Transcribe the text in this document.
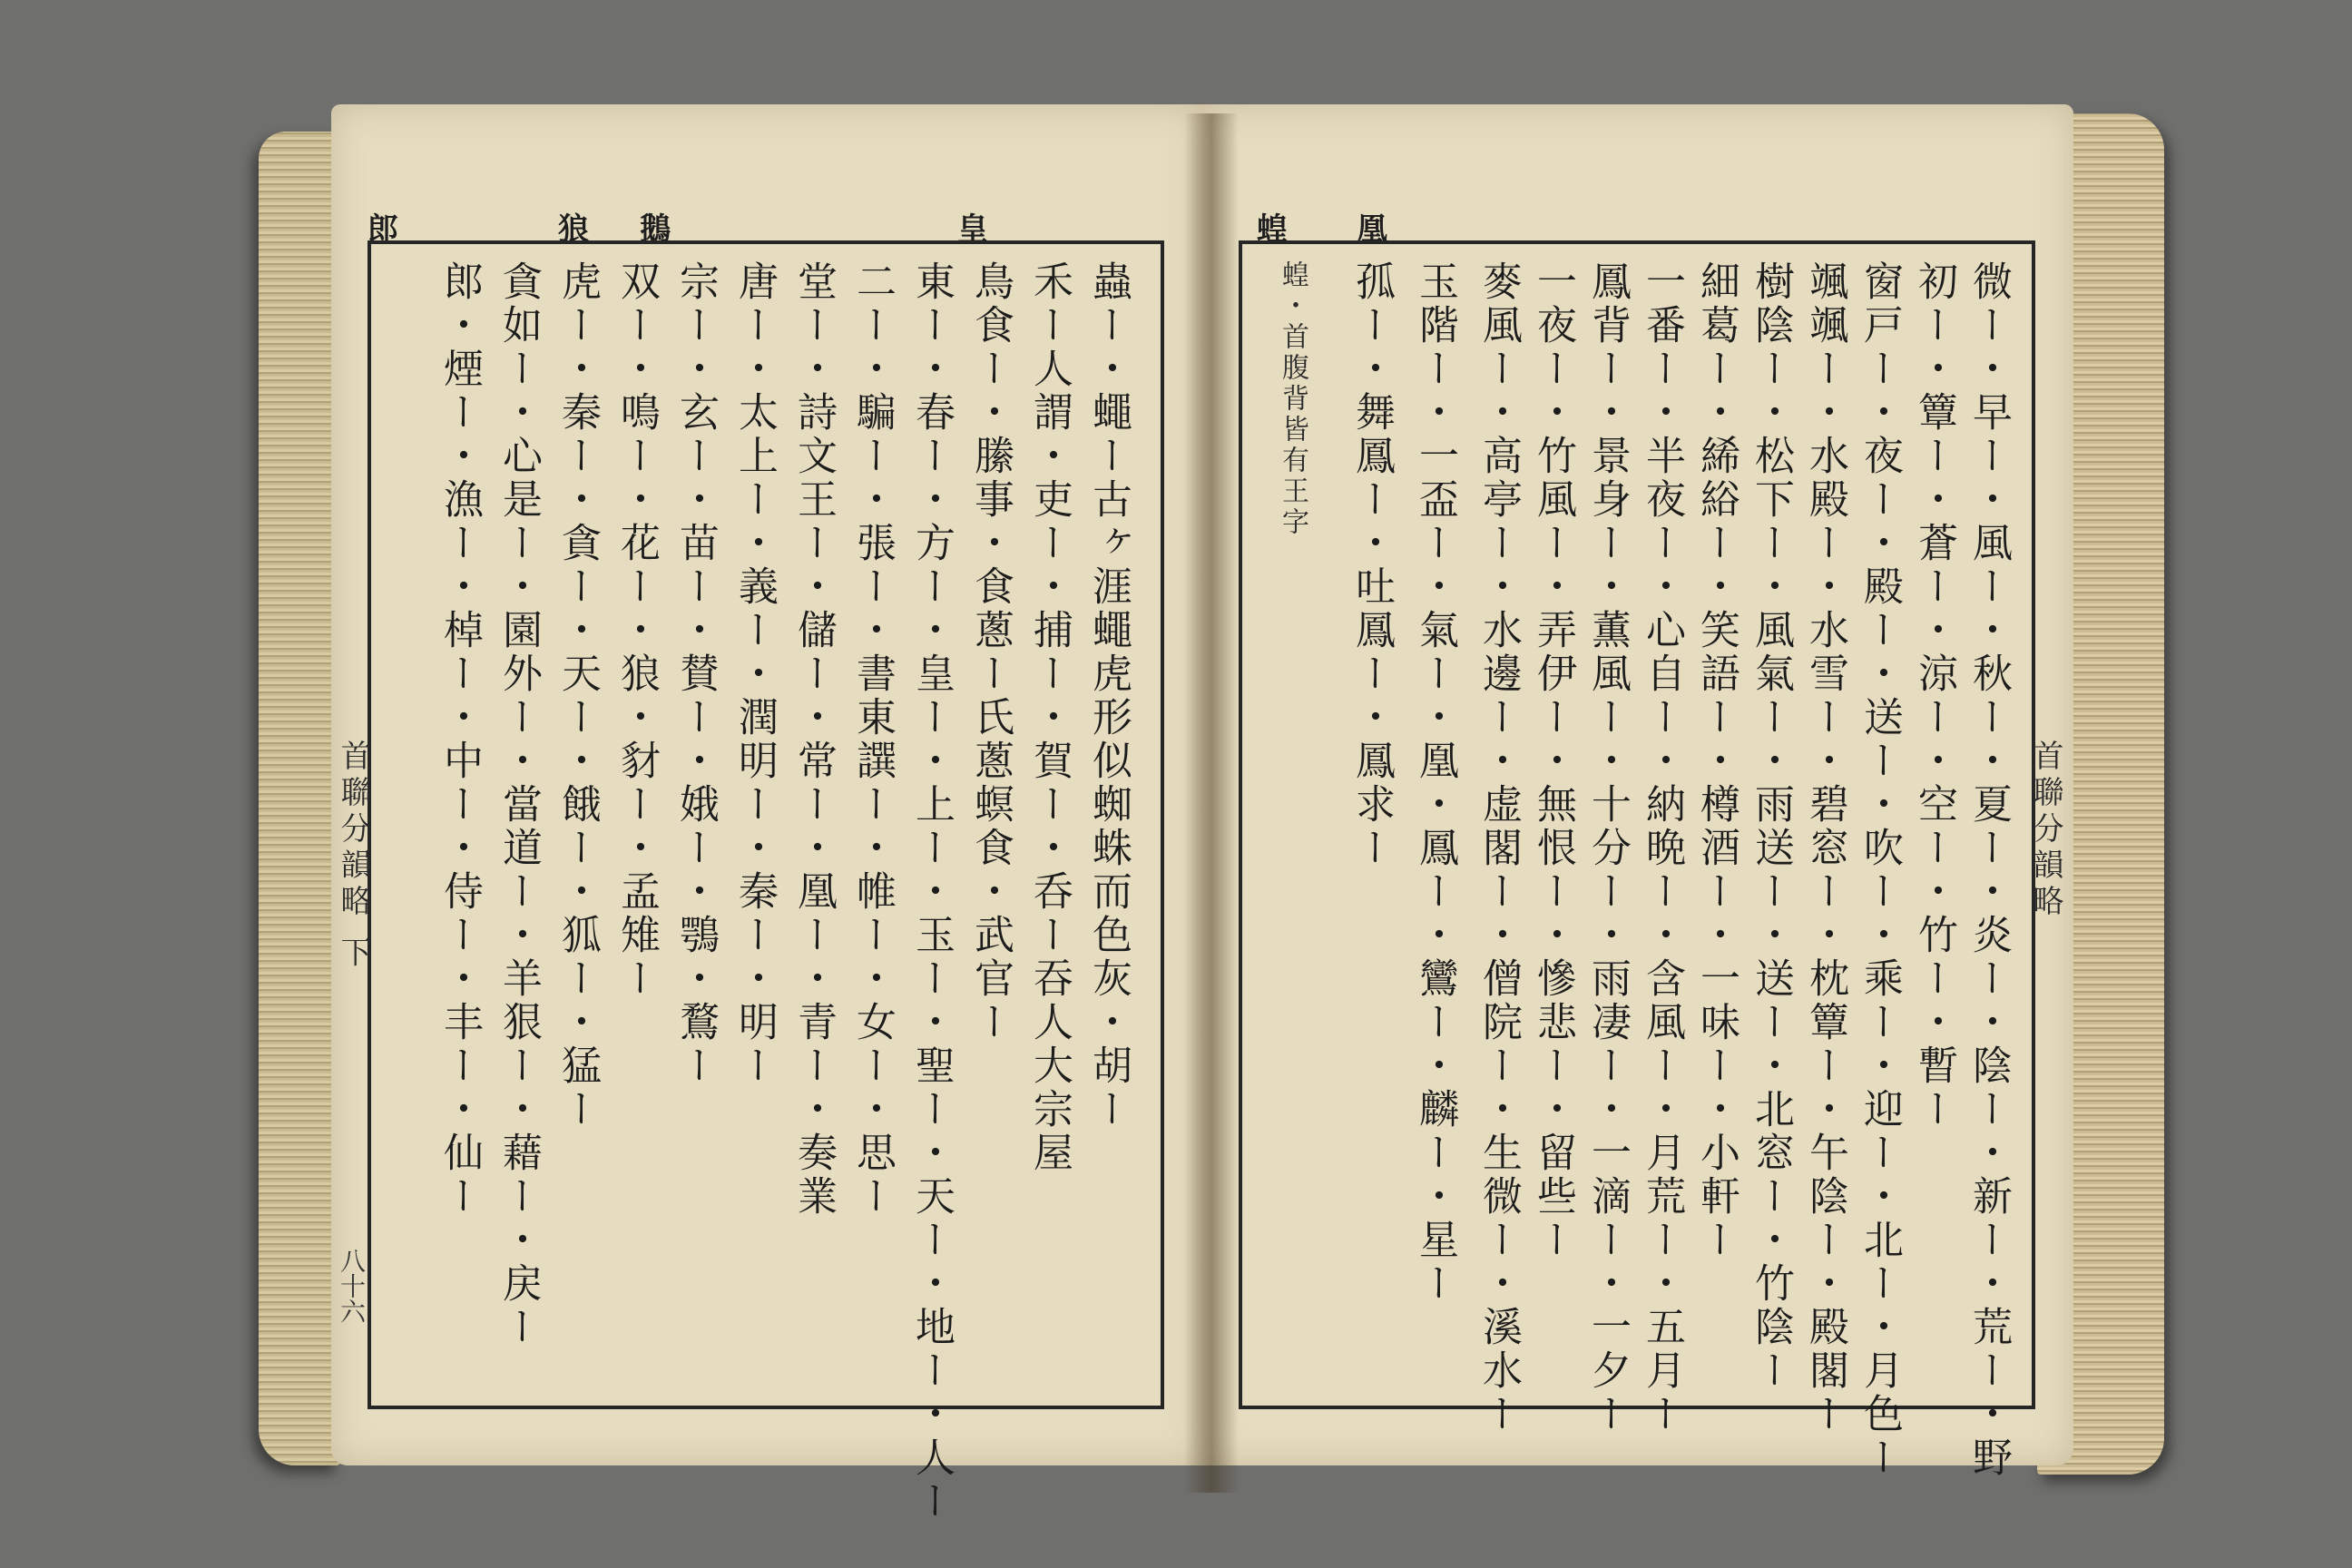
郎	狼 鵝	皇
蟲ー・蠅ー古ヶ涯蠅虎形似蜘蛛而色灰・胡ー
禾ー人謂・吏ー・捕ー・賀ー・呑ー吞人大宗屋
鳥食ー・縢事・食蔥ー氏蔥螟食・武官ー
東ー・春ー・方ー・皇ー・上ー・玉ー・聖ー・天ー・地ー・人ー
二ー・騙ー・張ー・書東譔ー・帷ー・女ー・思ー
堂ー・詩文王ー・儲ー・常ー・凰ー・青ー・奏業
唐ー・太上ー・義ー・潤明ー・秦ー・明ー
宗ー・玄ー・苗ー・賛ー・娥ー・鶚・鶩ー
双ー・鳴ー・花ー・狼・豺ー・孟雉ー
虎ー・秦ー・貪ー・天ー・餓ー・狐ー・猛ー
貪如ー・心是ー・園外ー・當道ー・羊狠ー・藉ー・戻ー
郎・煙ー・漁ー・棹ー・中ー・侍ー・丰ー・仙ー
首聯分韻略 下
八十六
蝗 凰
微ー・早ー・風ー・秋ー・夏ー・炎ー・陰ー・新ー・荒ー・野
初ー・簟ー・蒼ー・涼ー・空ー・竹ー・暫ー
窗戸ー・夜ー・殿ー・送ー・吹ー・乘ー・迎ー・北ー・月色ー
颯颯ー・水殿ー・水雪ー・碧窓ー・枕簟ー・午陰ー・殿閣ー
樹陰ー・松下ー・風氣ー・雨送ー・送ー・北窓ー・竹陰ー
細葛ー・絺綌ー・笑語ー・樽酒ー・一味ー・小軒ー
一番ー・半夜ー・心自ー・納晩ー・含風ー・月荒ー・五月ー
鳳背ー・景身ー・薫風ー・十分ー・雨凄ー・一滴ー・一夕ー
一夜ー・竹風ー・弄伊ー・無恨ー・慘悲ー・留些ー
麥風ー・高亭ー・水邊ー・虚閣ー・僧院ー・生微ー・溪水ー
玉階ー・一盃ー・氣ー・凰・鳳ー・鸞ー・麟ー・星ー
孤ー・舞鳳ー・吐鳳ー・鳳求ー
蝗・首腹背皆有王字
首聯分韻略
